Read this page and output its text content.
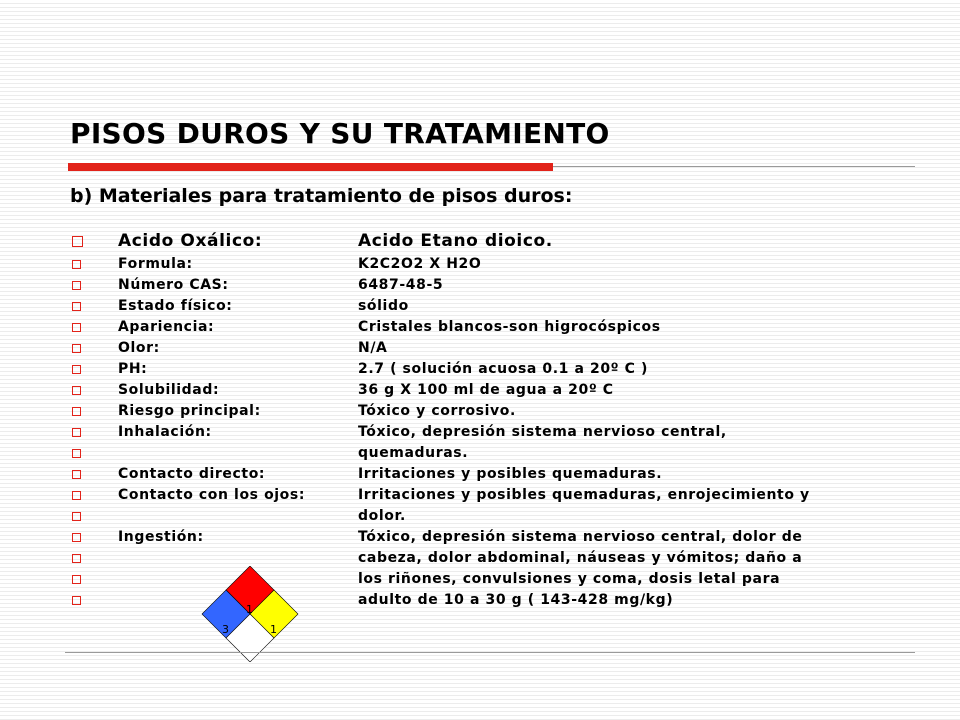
PISOS DUROS Y SU TRATAMIENTO
b) Materiales para tratamiento de pisos duros:
Acido Oxálico:	Acido Etano dioico.
Formula:	K2C2O2 X H2O
Número CAS:	6487-48-5
Estado físico:	sólido
Apariencia:	Cristales blancos-son higrocóspicos
Olor:	N/A
PH:	2.7 ( solución acuosa 0.1 a 20º C )
Solubilidad:	36 g X 100 ml de agua a 20º C
Riesgo principal:	Tóxico y corrosivo.
Inhalación:	Tóxico, depresión sistema nervioso central,
quemaduras.
Contacto directo:	Irritaciones y posibles quemaduras.
Contacto con los ojos:	Irritaciones y posibles quemaduras, enrojecimiento y
dolor.
Ingestión:	Tóxico, depresión sistema nervioso central, dolor de
cabeza, dolor abdominal, náuseas y vómitos; daño a
los riñones, convulsiones y coma, dosis letal para
adulto de 10 a 30 g ( 143-428 mg/kg)
3
1
1
